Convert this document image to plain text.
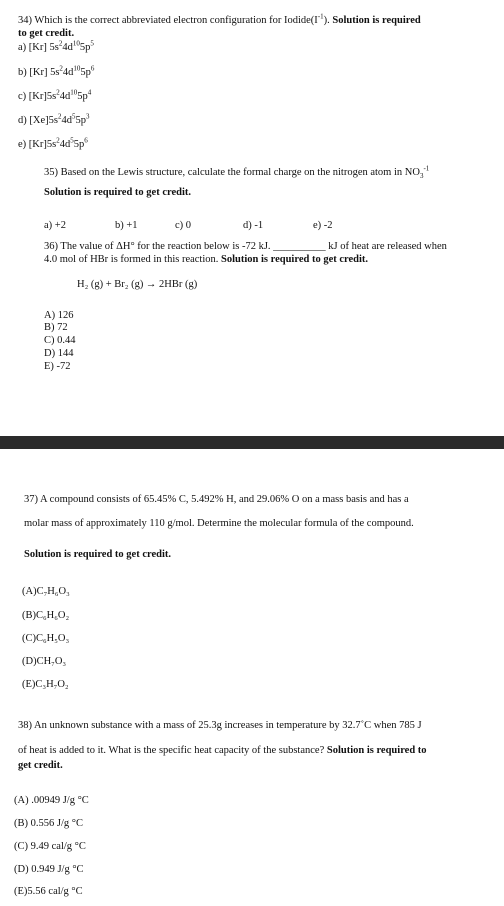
34) Which is the correct abbreviated electron configuration for $Iodide(I^{-1})$. Solution is required
to get credit.
a) [Kr] $5s^24d^{10}5p^5$
b) [Kr] $5s^24d^{10}5p^6$
c) $[Kr]5s^24d^{10}5p^4$
d) $[Xe]5s^24d^55p^3$
e) $[Kr]5s^24d^55p^6$
35) Based on the Lewis structure, calculate the formal charge on the nitrogen atom in $NO_3^{-1}$
Solution is required to get credit.
a) +2	b) +1	c) 0	d) -1	e) -2
36) The value of ΔH° for the reaction below is -72 kJ. __________ kJ of heat are released when
4.0 mol of HBr is formed in this reaction. Solution is required to get credit.
H₂ (g) + Br₂ (g) → 2HBr (g)
A) 126
B) 72
C) 0.44
D) 144
E) -72
37) A compound consists of 65.45% C, 5.492% H, and 29.06% O on a mass basis and has a
molar mass of approximately 110 g/mol. Determine the molecular formula of the compound.
Solution is required to get credit.
(A)C₇H₆O₃
(B)C₆H₆O₂
(C)C₆H₅O₃
(D)CH₇O₃
(E)C₃H₇O₂
38) An unknown substance with a mass of 25.3g increases in temperature by 32.7˚C when 785 J
of heat is added to it. What is the specific heat capacity of the substance? Solution is required to
get credit.
(A) .00949 J/g °C
(B) 0.556 J/g °C
(C) 9.49 cal/g °C
(D) 0.949 J/g °C
(E)5.56 cal/g °C
